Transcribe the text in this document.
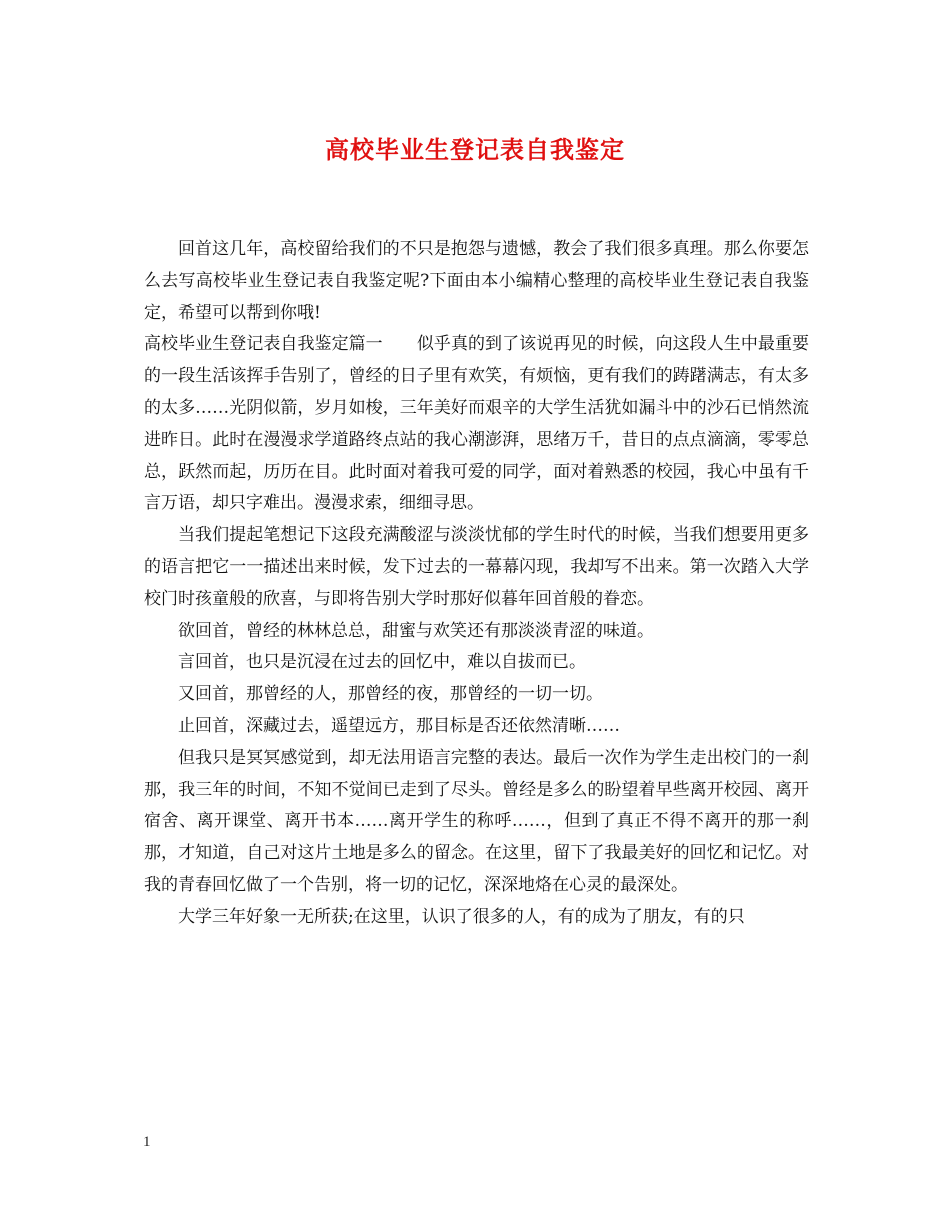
高校毕业生登记表自我鉴定

回首这几年，高校留给我们的不只是抱怨与遗憾，教会了我们很多真理。那么你要怎么去写高校毕业生登记表自我鉴定呢?下面由本小编精心整理的高校毕业生登记表自我鉴定，希望可以帮到你哦!

高校毕业生登记表自我鉴定篇一　　似乎真的到了该说再见的时候，向这段人生中最重要的一段生活该挥手告别了，曾经的日子里有欢笑，有烦恼，更有我们的踌躇满志，有太多的太多……光阴似箭，岁月如梭，三年美好而艰辛的大学生活犹如漏斗中的沙石已悄然流进昨日。此时在漫漫求学道路终点站的我心潮澎湃，思绪万千，昔日的点点滴滴，零零总总，跃然而起，历历在目。此时面对着我可爱的同学，面对着熟悉的校园，我心中虽有千言万语，却只字难出。漫漫求索，细细寻思。

当我们提起笔想记下这段充满酸涩与淡淡忧郁的学生时代的时候，当我们想要用更多的语言把它一一描述出来时候，发下过去的一幕幕闪现，我却写不出来。第一次踏入大学校门时孩童般的欣喜，与即将告别大学时那好似暮年回首般的眷恋。

欲回首，曾经的林林总总，甜蜜与欢笑还有那淡淡青涩的味道。

言回首，也只是沉浸在过去的回忆中，难以自拔而已。

又回首，那曾经的人，那曾经的夜，那曾经的一切一切。

止回首，深藏过去，遥望远方，那目标是否还依然清晰……

但我只是冥冥感觉到，却无法用语言完整的表达。最后一次作为学生走出校门的一刹那，我三年的时间，不知不觉间已走到了尽头。曾经是多么的盼望着早些离开校园、离开宿舍、离开课堂、离开书本……离开学生的称呼……，但到了真正不得不离开的那一刹那，才知道，自己对这片土地是多么的留念。在这里，留下了我最美好的回忆和记忆。对我的青春回忆做了一个告别，将一切的记忆，深深地烙在心灵的最深处。

大学三年好象一无所获;在这里，认识了很多的人，有的成为了朋友，有的只

1
